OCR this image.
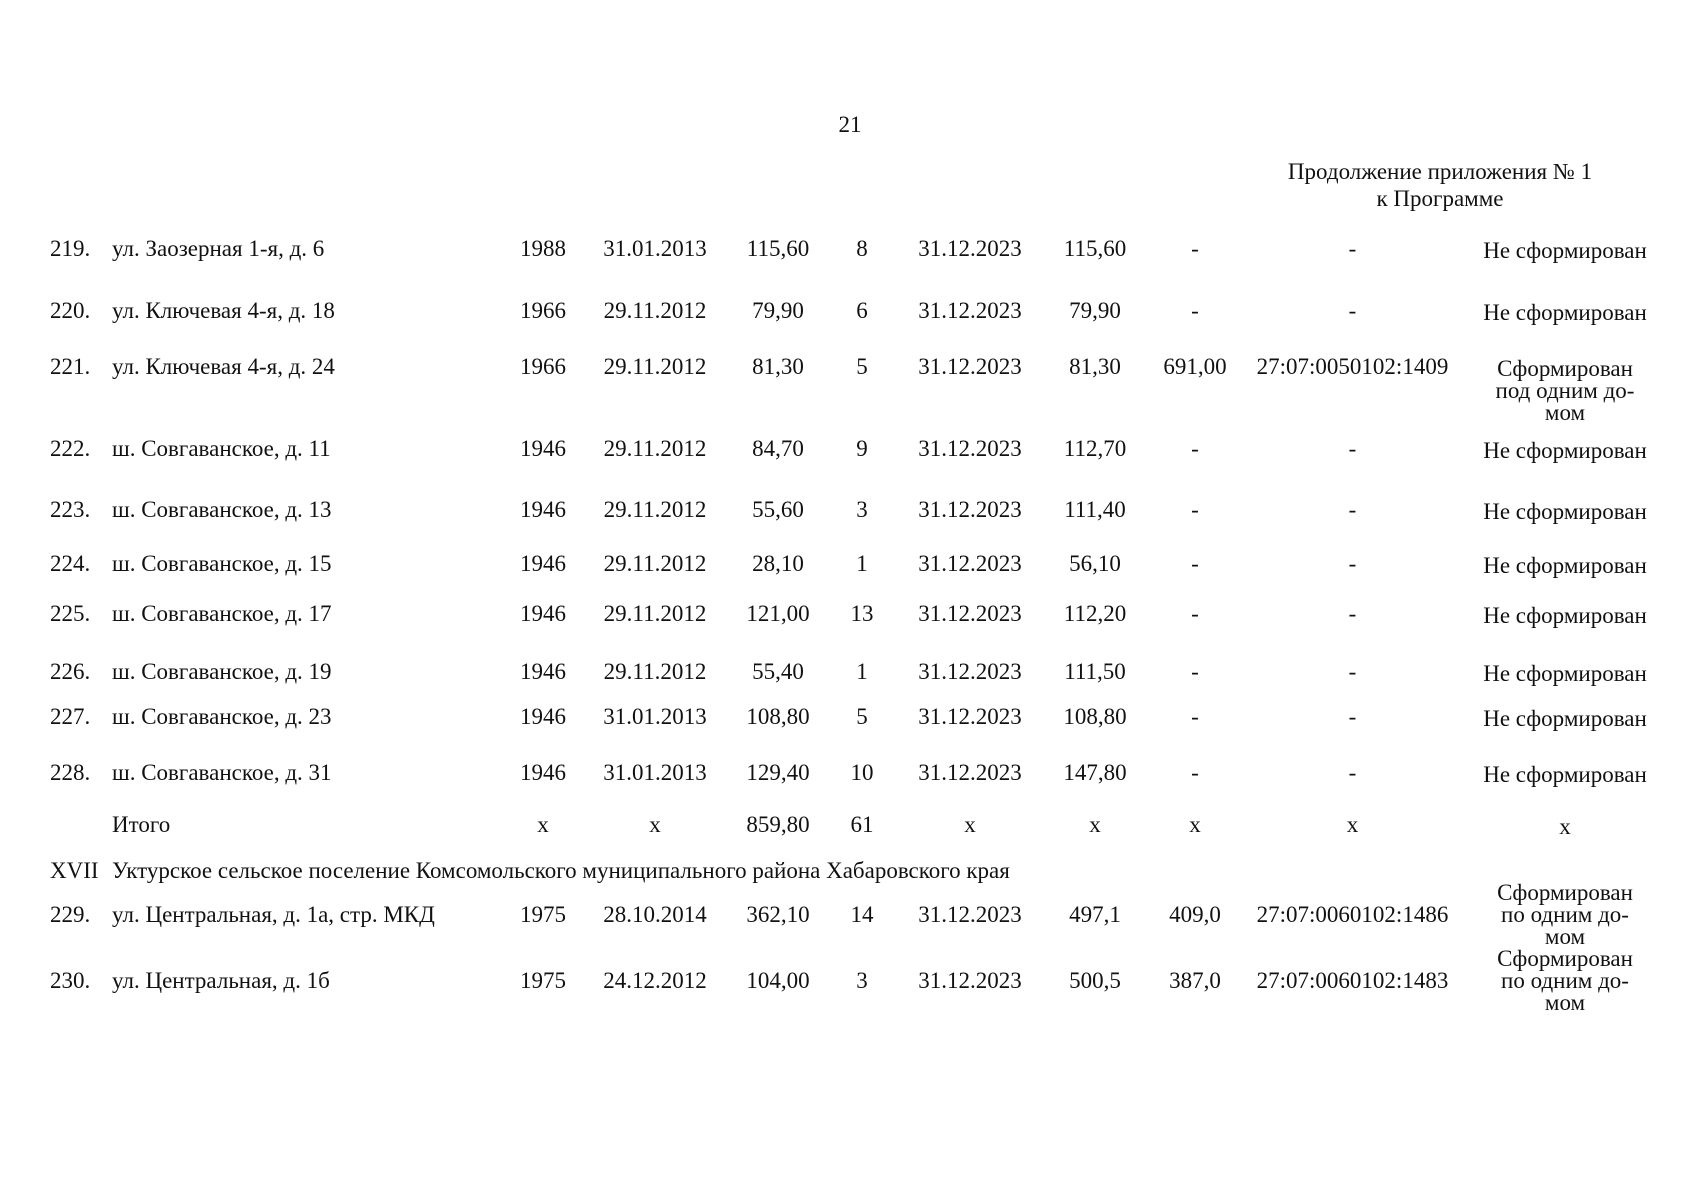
21
Продолжение приложения № 1
к Программе
219. ул. Заозерная 1-я, д. 6	1988	31.01.2013	115,60	8	31.12.2023	115,60	-	-	Не сформирован
220. ул. Ключевая 4-я, д. 18	1966	29.11.2012	79,90	6	31.12.2023	79,90	-	-	Не сформирован
221. ул. Ключевая 4-я, д. 24	1966	29.11.2012	81,30	5	31.12.2023	81,30	691,00	27:07:0050102:1409	Сформирован
под одним до-
мом
222. ш. Совгаванское, д. 11	1946	29.11.2012	84,70	9	31.12.2023	112,70	-	-	Не сформирован
223. ш. Совгаванское, д. 13	1946	29.11.2012	55,60	3	31.12.2023	111,40	-	-	Не сформирован
224. ш. Совгаванское, д. 15	1946	29.11.2012	28,10	1	31.12.2023	56,10	-	-	Не сформирован
225. ш. Совгаванское, д. 17	1946	29.11.2012	121,00	13	31.12.2023	112,20	-	-	Не сформирован
226. ш. Совгаванское, д. 19	1946	29.11.2012	55,40	1	31.12.2023	111,50	-	-	Не сформирован
227. ш. Совгаванское, д. 23	1946	31.01.2013	108,80	5	31.12.2023	108,80	-	-	Не сформирован
228. ш. Совгаванское, д. 31	1946	31.01.2013	129,40	10	31.12.2023	147,80	-	-	Не сформирован
Итого	х	х	859,80	61	х	х	х	х	х
XVII Уктурское сельское поселение Комсомольского муниципального района Хабаровского края
229. ул. Центральная, д. 1а, стр. МКД	1975	28.10.2014	362,10	14	31.12.2023	497,1	409,0	27:07:0060102:1486
Сформирован
по одним до-
мом
230. ул. Центральная, д. 1б	1975	24.12.2012	104,00	3	31.12.2023	500,5	387,0	27:07:0060102:1483
Сформирован
по одним до-
мом
